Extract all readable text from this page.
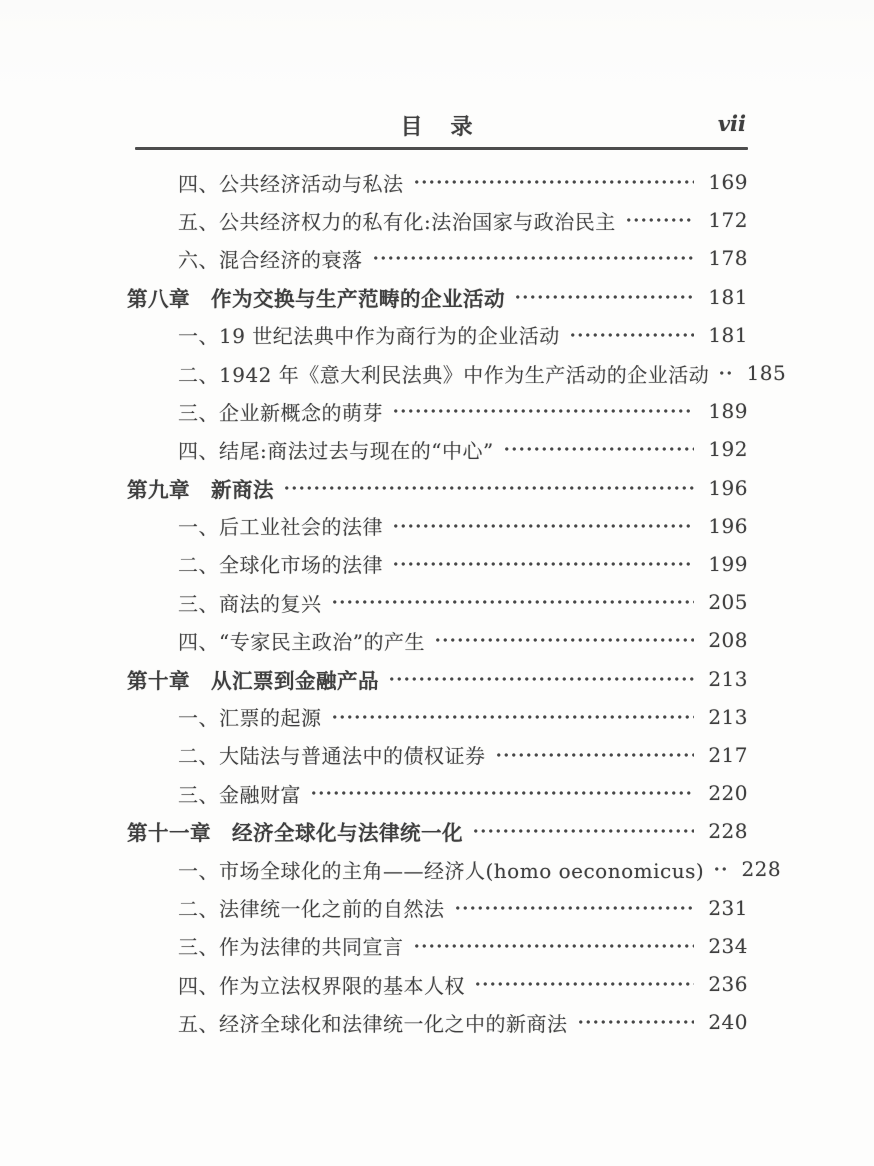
目　录	vii
四、公共经济活动与私法	169
五、公共经济权力的私有化:法治国家与政治民主	172
六、混合经济的衰落	178
第八章　作为交换与生产范畴的企业活动	181
一、19 世纪法典中作为商行为的企业活动	181
二、1942 年《意大利民法典》中作为生产活动的企业活动 185
三、企业新概念的萌芽	189
四、结尾:商法过去与现在的“中心”	192
第九章　新商法	196
一、后工业社会的法律	196
二、全球化市场的法律	199
三、商法的复兴	205
四、“专家民主政治”的产生	208
第十章　从汇票到金融产品	213
一、汇票的起源	213
二、大陆法与普通法中的债权证券	217
三、金融财富	220
第十一章　经济全球化与法律统一化	228
一、市场全球化的主角——经济人(homo oeconomicus) 228
二、法律统一化之前的自然法	231
三、作为法律的共同宣言	234
四、作为立法权界限的基本人权	236
五、经济全球化和法律统一化之中的新商法	240
